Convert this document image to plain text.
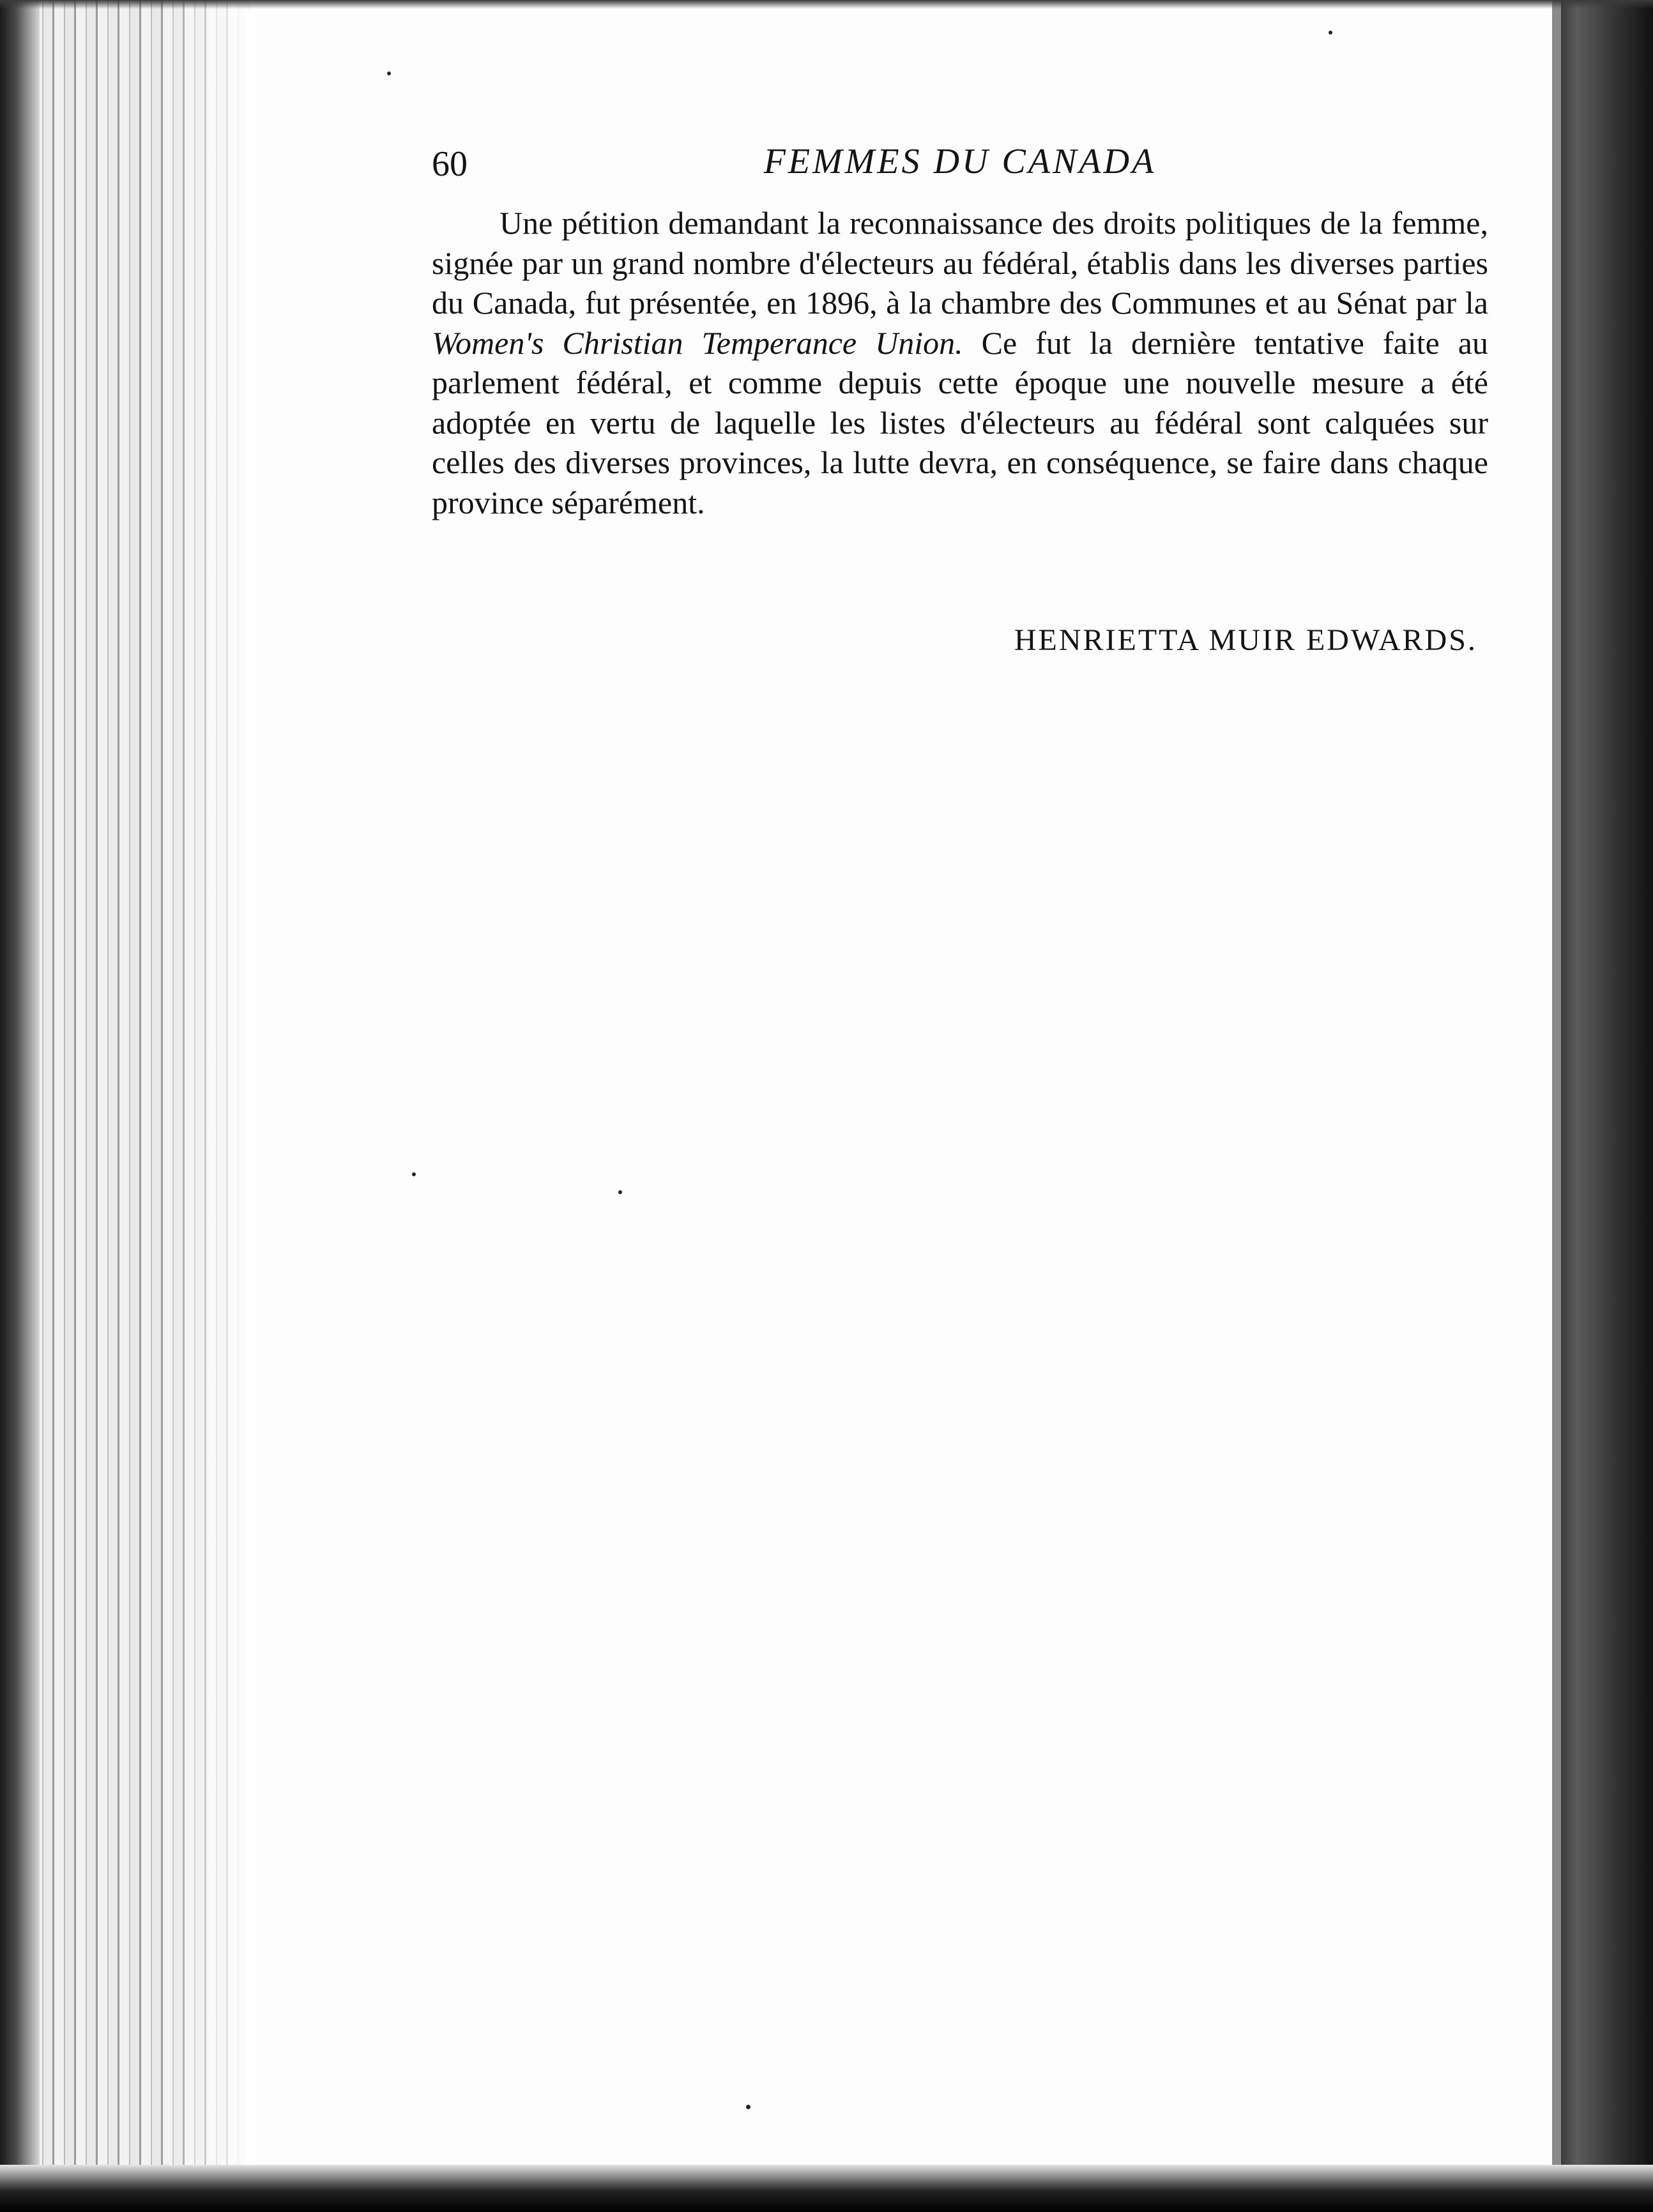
60	FEMMES DU CANADA

Une pétition demandant la reconnaissance des droits politiques de la femme, signée par un grand nombre d'électeurs au fédéral, établis dans les diverses parties du Canada, fut présentée, en 1896, à la chambre des Communes et au Sénat par la Women's Christian Temperance Union. Ce fut la dernière tentative faite au parlement fédéral, et comme depuis cette époque une nouvelle mesure a été adoptée en vertu de laquelle les listes d'électeurs au fédéral sont calquées sur celles des diverses provinces, la lutte devra, en conséquence, se faire dans chaque province séparément.

HENRIETTA MUIR EDWARDS.
